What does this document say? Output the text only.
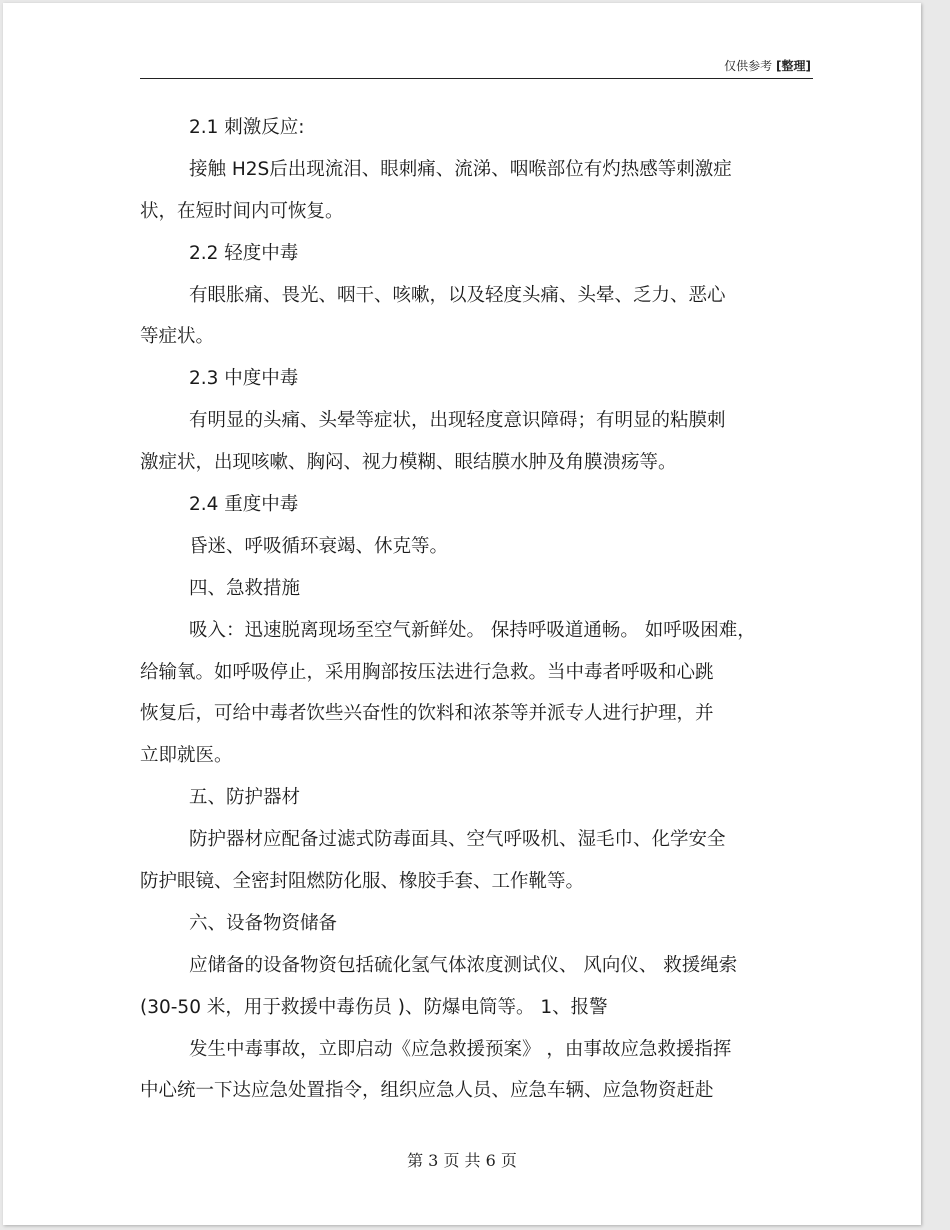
仅供参考 [整理]
2.1 刺激反应:
接触 H2S后出现流泪、眼刺痛、流涕、咽喉部位有灼热感等刺激症
状，在短时间内可恢复。
2.2 轻度中毒
有眼胀痛、畏光、咽干、咳嗽，以及轻度头痛、头晕、乏力、恶心
等症状。
2.3 中度中毒
有明显的头痛、头晕等症状，出现轻度意识障碍；有明显的粘膜刺
激症状，出现咳嗽、胸闷、视力模糊、眼结膜水肿及角膜溃疡等。
2.4 重度中毒
昏迷、呼吸循环衰竭、休克等。
四、急救措施
吸入：迅速脱离现场至空气新鲜处。 保持呼吸道通畅。 如呼吸困难，
给输氧。如呼吸停止，采用胸部按压法进行急救。当中毒者呼吸和心跳
恢复后，可给中毒者饮些兴奋性的饮料和浓茶等并派专人进行护理，并
立即就医。
五、防护器材
防护器材应配备过滤式防毒面具、空气呼吸机、湿毛巾、化学安全
防护眼镜、全密封阻燃防化服、橡胶手套、工作靴等。
六、设备物资储备
应储备的设备物资包括硫化氢气体浓度测试仪、 风向仪、 救援绳索
(30-50 米，用于救援中毒伤员 )、防爆电筒等。 1、报警
发生中毒事故，立即启动《应急救援预案》 ，由事故应急救援指挥
中心统一下达应急处置指令，组织应急人员、应急车辆、应急物资赶赴
第 3 页 共 6 页
